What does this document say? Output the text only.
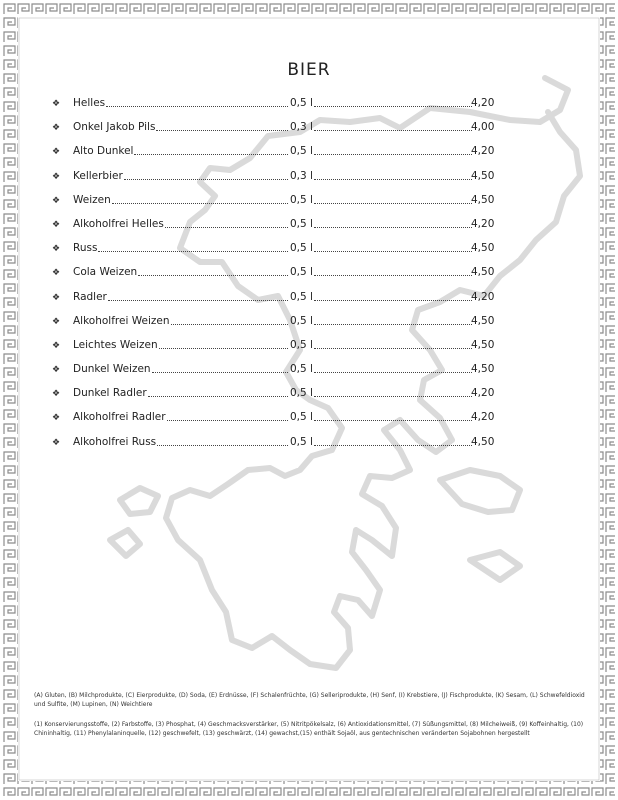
BIER
❖	Helles	0,5 l	4,20
❖	Onkel Jakob Pils	0,3 l	4,00
❖	Alto Dunkel	0,5 l	4,20
❖	Kellerbier	0,3 l	4,50
❖	Weizen	0,5 l	4,50
❖	Alkoholfrei Helles	0,5 l	4,20
❖	Russ	0,5 l	4,50
❖	Cola Weizen	0,5 l	4,50
❖	Radler	0,5 l	4,20
❖	Alkoholfrei Weizen	0,5 l	4,50
❖	Leichtes Weizen	0,5 l	4,50
❖	Dunkel Weizen	0,5 l	4,50
❖	Dunkel Radler	0,5 l	4,20
❖	Alkoholfrei Radler	0,5 l	4,20
❖	Alkoholfrei Russ	0,5 l	4,50
(A) Gluten, (B) Milchprodukte, (C) Eierprodukte, (D) Soda, (E) Erdnüsse, (F) Schalenfrüchte, (G) Selleriprodukte, (H) Senf, (I) Krebstiere, (J) Fischprodukte, (K) Sesam, (L) Schwefeldioxid und Sulfite, (M) Lupinen, (N) Weichtiere
(1) Konservierungsstoffe, (2) Farbstoffe, (3) Phosphat, (4) Geschmacksverstärker, (5) Nitritpökelsalz, (6) Antioxidationsmittel, (7) Süßungsmittel, (8) Milcheiweiß, (9) Koffeinhaltig, (10) Chininhaltig, (11) Phenylalaninquelle, (12) geschwefelt, (13) geschwärzt, (14) gewachst,(15) enthält Sojaöl, aus gentechnischen veränderten Sojabohnen hergestellt
